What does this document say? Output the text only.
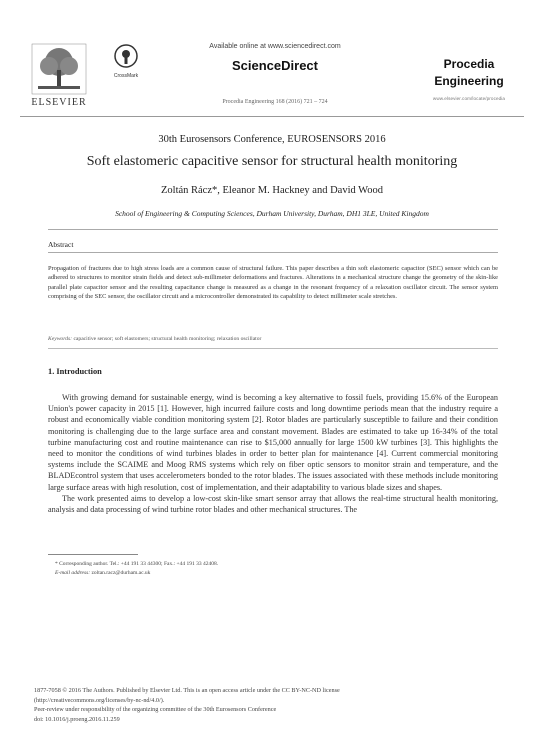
ELSEVIER
CrossMark
Available online at www.sciencedirect.com
ScienceDirect
Procedia Engineering 168 (2016) 721 – 724
Procedia
Engineering
www.elsevier.com/locate/procedia
30th Eurosensors Conference, EUROSENSORS 2016
Soft elastomeric capacitive sensor for structural health monitoring
Zoltán Rácz*, Eleanor M. Hackney and David Wood
School of Engineering & Computing Sciences, Durham University, Durham, DH1 3LE, United Kingdom
Abstract
Propagation of fractures due to high stress loads are a common cause of structural failure. This paper describes a thin soft elastomeric capacitor (SEC) sensor which can be adhered to structures to monitor strain fields and detect sub-millimeter deformations and fractures. Alterations in a mechanical structure change the geometry of the skin-like parallel plate capacitor sensor and the resulting capacitance change is measured as a change in the resonant frequency of a relaxation oscillator circuit. The sensor system comprising of the SEC sensor, the oscillator circuit and a microcontroller demonstrated its capability to detect millimeter scale stretches.
Keywords: capacitive sensor; soft elastomers; structural health monitoring; relaxation oscillator
1. Introduction

With growing demand for sustainable energy, wind is becoming a key alternative to fossil fuels, providing 15.6% of the European Union's power capacity in 2015 [1]. However, high incurred failure costs and long downtime periods mean that the industry require a robust and economically viable condition monitoring system [2]. Rotor blades are particularly susceptible to failure and their condition monitoring is challenging due to the large surface area and constant movement. Blades are estimated to take up 16-34% of the total turbine manufacturing cost and routine maintenance can rise to $15,000 annually for large 1500 kW turbines [3]. This highlights the need to monitor the conditions of wind turbines blades in order to better plan for maintenance [4]. Current commercial monitoring systems include the SCAIME and Moog RMS systems which rely on fiber optic sensors to monitor strain and temperature, and the BLADEcontrol system that uses accelerometers bonded to the rotor blades. The issues associated with these methods include monitoring large surface areas with high resolution, cost of implementation, and their adaptability to various blade sizes and shapes.

The work presented aims to develop a low-cost skin-like smart sensor array that allows the real-time structural health monitoring, analysis and data processing of wind turbine rotor blades and other mechanical structures. The

* Corresponding author. Tel.: +44 191 33 44300; Fax.: +44 191 33 42408.
E-mail address: zoltan.racz@durham.ac.uk
1877-7058 © 2016 The Authors. Published by Elsevier Ltd. This is an open access article under the CC BY-NC-ND license
(http://creativecommons.org/licenses/by-nc-nd/4.0/).
Peer-review under responsibility of the organizing committee of the 30th Eurosensors Conference
doi: 10.1016/j.proeng.2016.11.259
